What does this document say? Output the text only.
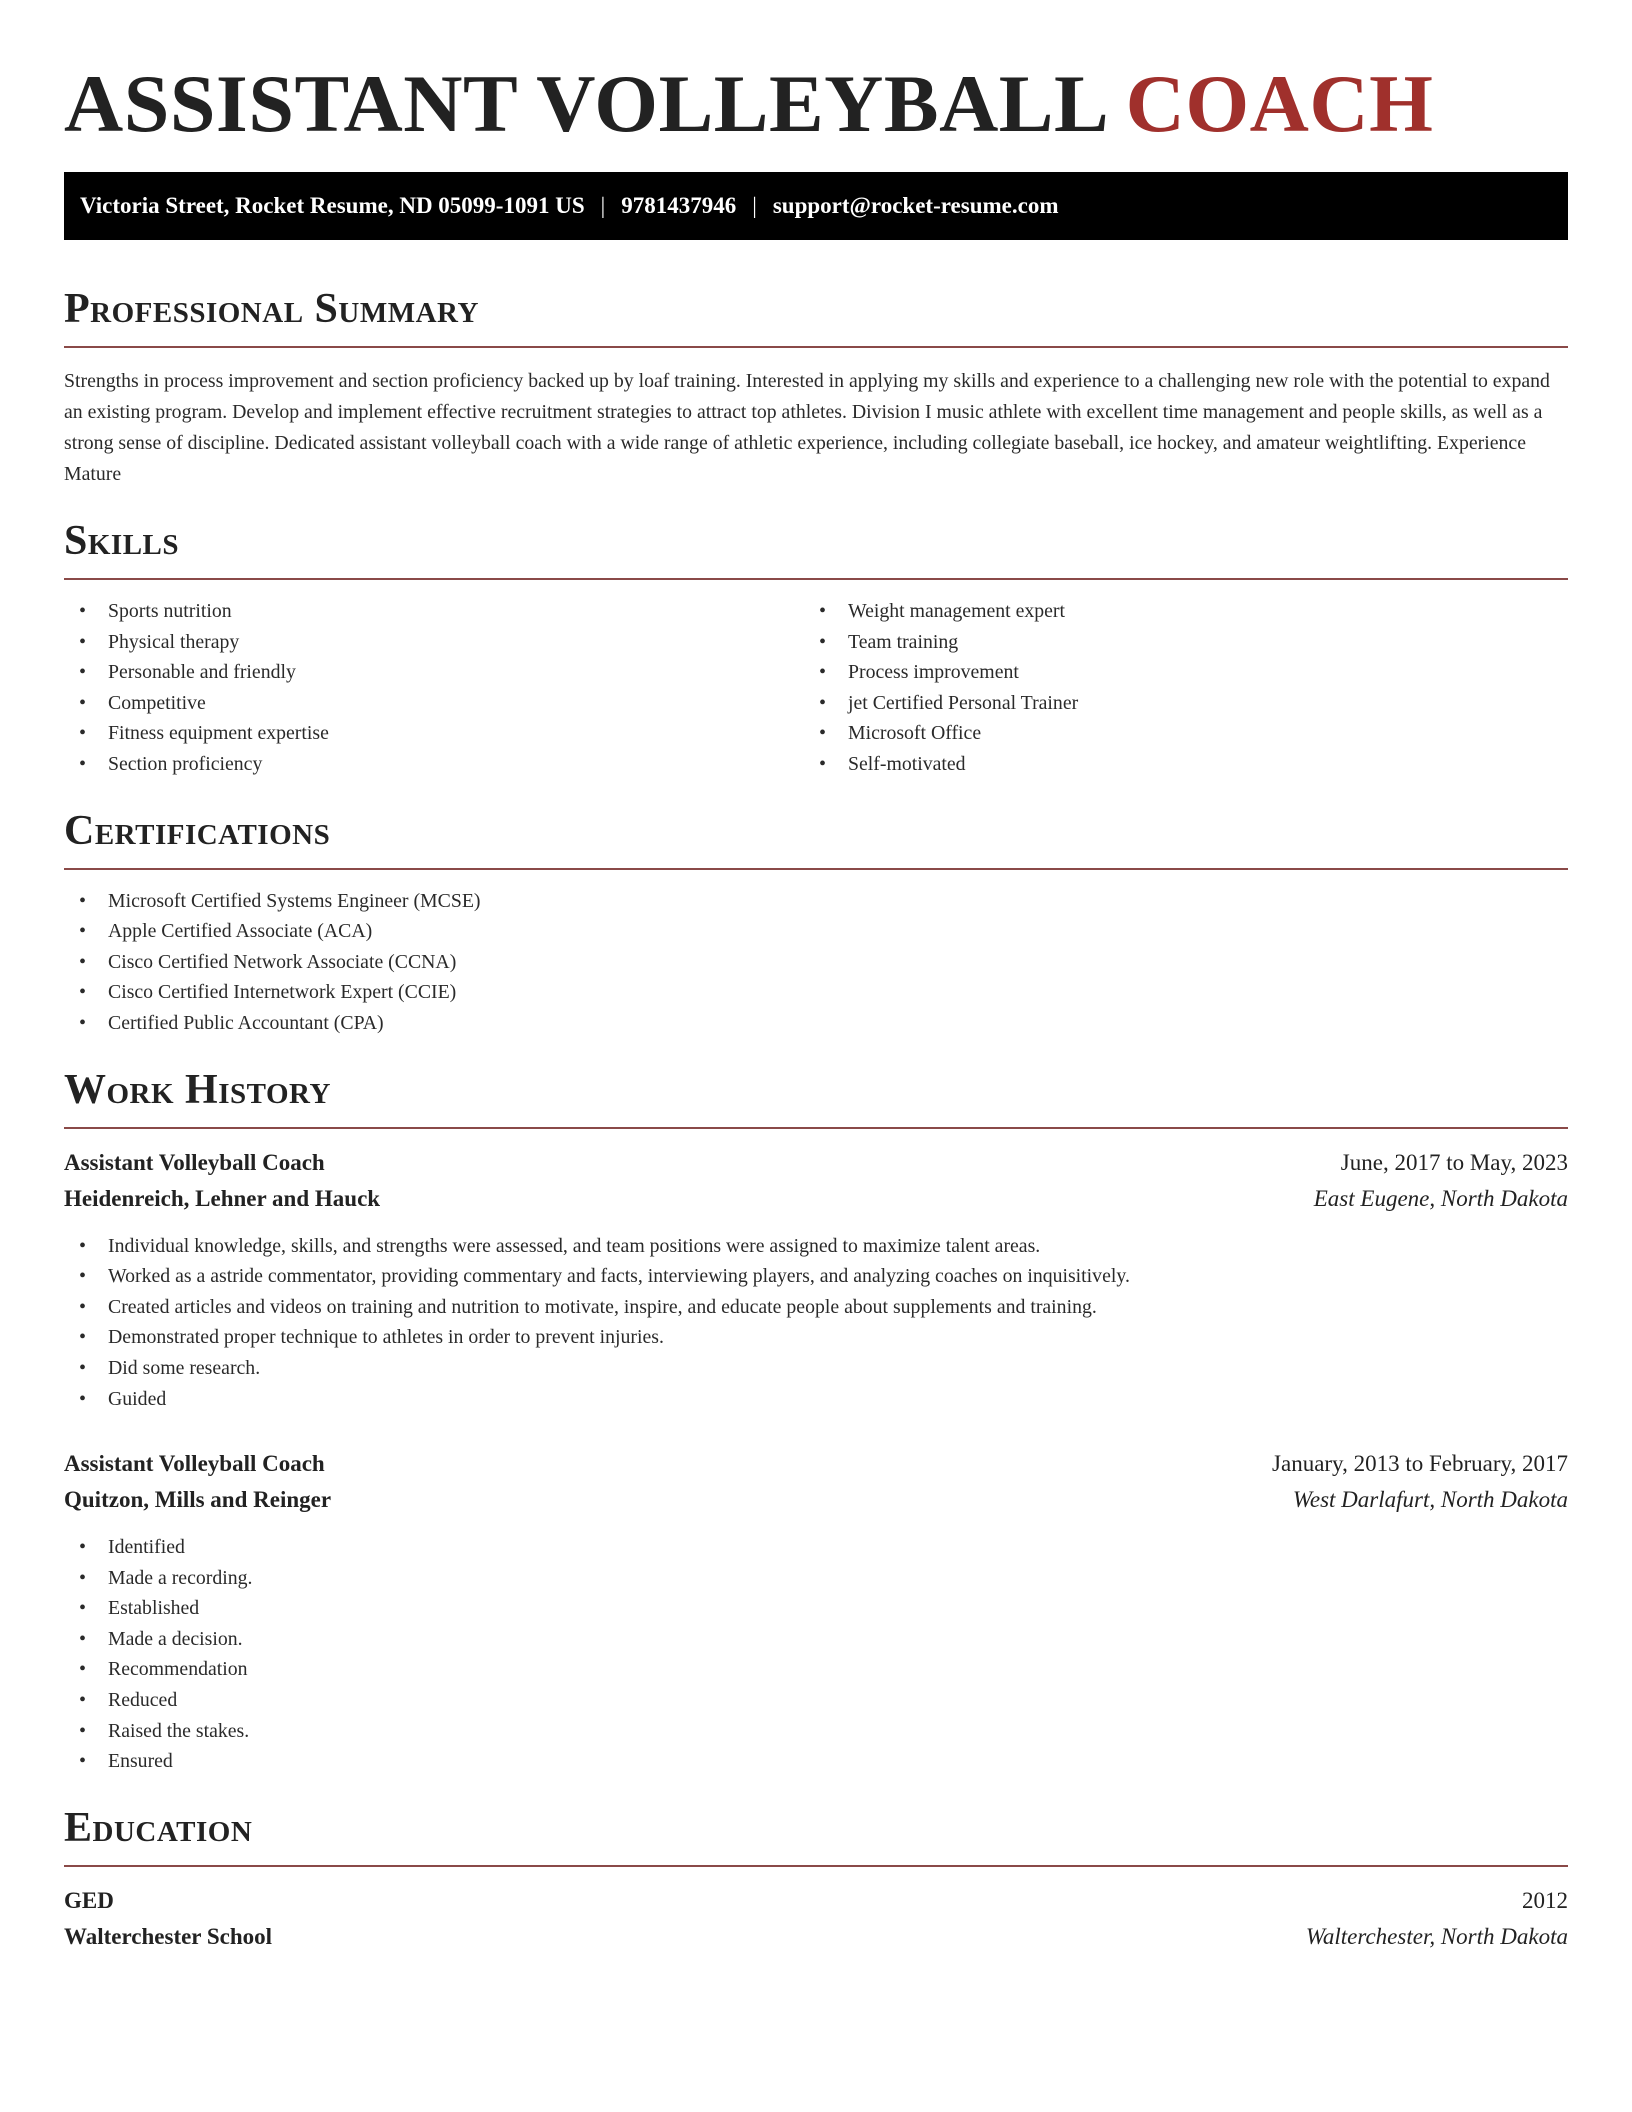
ASSISTANT VOLLEYBALL COACH
Victoria Street, Rocket Resume, ND 05099-1091 US | 9781437946 | support@rocket-resume.com
Professional Summary

Strengths in process improvement and section proficiency backed up by loaf training. Interested in applying my skills and experience to a challenging new role with the potential to expand an existing program. Develop and implement effective recruitment strategies to attract top athletes. Division I music athlete with excellent time management and people skills, as well as a strong sense of discipline. Dedicated assistant volleyball coach with a wide range of athletic experience, including collegiate baseball, ice hockey, and amateur weightlifting. Experience Mature

Skills
• Sports nutrition
• Physical therapy
• Personable and friendly
• Competitive
• Fitness equipment expertise
• Section proficiency
• Weight management expert
• Team training
• Process improvement
• jet Certified Personal Trainer
• Microsoft Office
• Self-motivated
Certifications
• Microsoft Certified Systems Engineer (MCSE)
• Apple Certified Associate (ACA)
• Cisco Certified Network Associate (CCNA)
• Cisco Certified Internetwork Expert (CCIE)
• Certified Public Accountant (CPA)
Work History
Assistant Volleyball Coach	June, 2017 to May, 2023
Heidenreich, Lehner and Hauck	East Eugene, North Dakota
• Individual knowledge, skills, and strengths were assessed, and team positions were assigned to maximize talent areas.
• Worked as a astride commentator, providing commentary and facts, interviewing players, and analyzing coaches on inquisitively.
• Created articles and videos on training and nutrition to motivate, inspire, and educate people about supplements and training.
• Demonstrated proper technique to athletes in order to prevent injuries.
• Did some research.
• Guided
Assistant Volleyball Coach	January, 2013 to February, 2017
Quitzon, Mills and Reinger	West Darlafurt, North Dakota
• Identified
• Made a recording.
• Established
• Made a decision.
• Recommendation
• Reduced
• Raised the stakes.
• Ensured
Education
GED	2012
Walterchester School	Walterchester, North Dakota
